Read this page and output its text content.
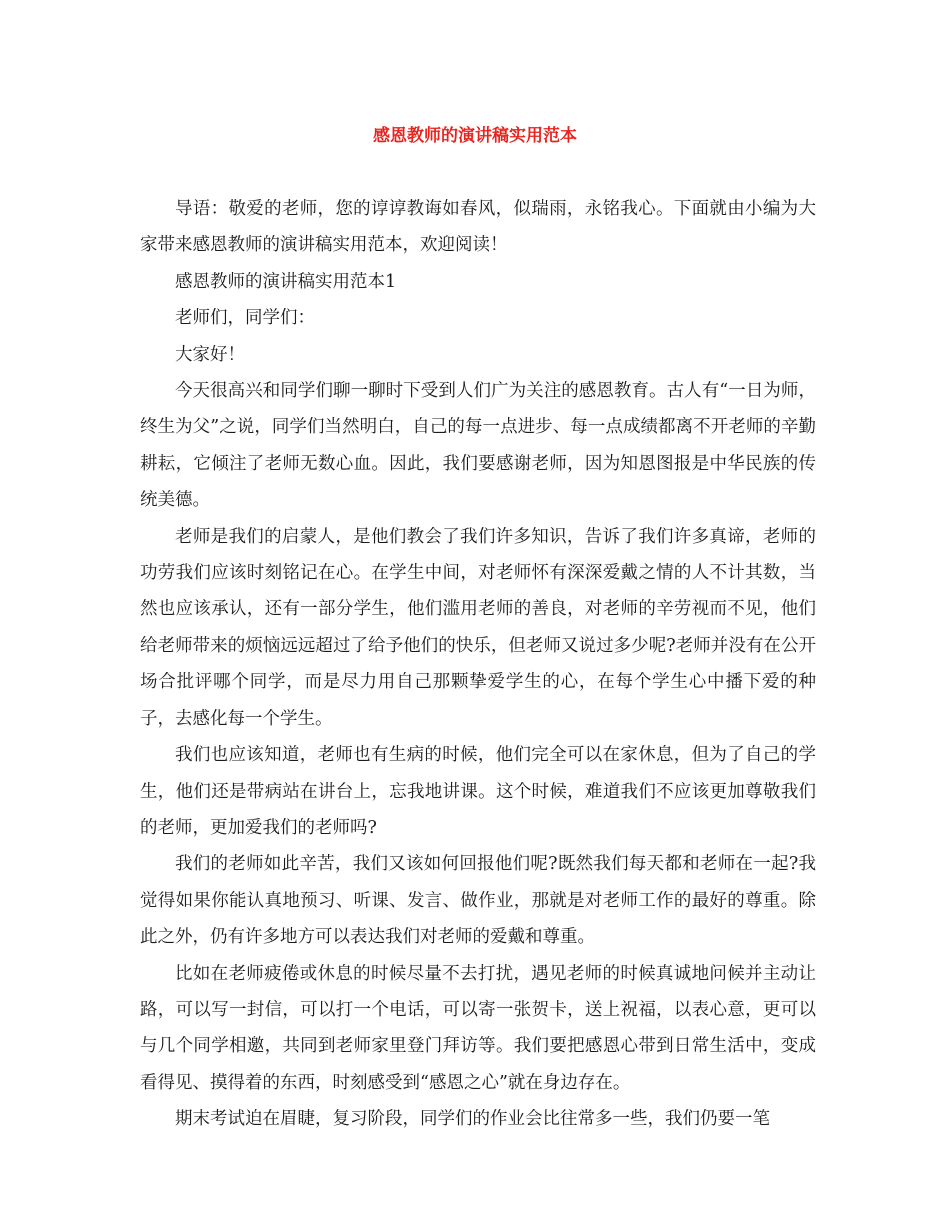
感恩教师的演讲稿实用范本

导语：敬爱的老师，您的谆谆教诲如春风，似瑞雨，永铭我心。下面就由小编为大家带来感恩教师的演讲稿实用范本，欢迎阅读！

感恩教师的演讲稿实用范本1

老师们，同学们：

大家好！

今天很高兴和同学们聊一聊时下受到人们广为关注的感恩教育。古人有“一日为师，终生为父”之说，同学们当然明白，自己的每一点进步、每一点成绩都离不开老师的辛勤耕耘，它倾注了老师无数心血。因此，我们要感谢老师，因为知恩图报是中华民族的传统美德。

老师是我们的启蒙人，是他们教会了我们许多知识，告诉了我们许多真谛，老师的功劳我们应该时刻铭记在心。在学生中间，对老师怀有深深爱戴之情的人不计其数，当然也应该承认，还有一部分学生，他们滥用老师的善良，对老师的辛劳视而不见，他们给老师带来的烦恼远远超过了给予他们的快乐，但老师又说过多少呢?老师并没有在公开场合批评哪个同学，而是尽力用自己那颗挚爱学生的心，在每个学生心中播下爱的种子，去感化每一个学生。

我们也应该知道，老师也有生病的时候，他们完全可以在家休息，但为了自己的学生，他们还是带病站在讲台上，忘我地讲课。这个时候，难道我们不应该更加尊敬我们的老师，更加爱我们的老师吗?

我们的老师如此辛苦，我们又该如何回报他们呢?既然我们每天都和老师在一起?我觉得如果你能认真地预习、听课、发言、做作业，那就是对老师工作的最好的尊重。除此之外，仍有许多地方可以表达我们对老师的爱戴和尊重。

比如在老师疲倦或休息的时候尽量不去打扰，遇见老师的时候真诚地问候并主动让路，可以写一封信，可以打一个电话，可以寄一张贺卡，送上祝福，以表心意，更可以与几个同学相邀，共同到老师家里登门拜访等。我们要把感恩心带到日常生活中，变成看得见、摸得着的东西，时刻感受到“感恩之心”就在身边存在。

期末考试迫在眉睫，复习阶段，同学们的作业会比往常多一些，我们仍要一笔
